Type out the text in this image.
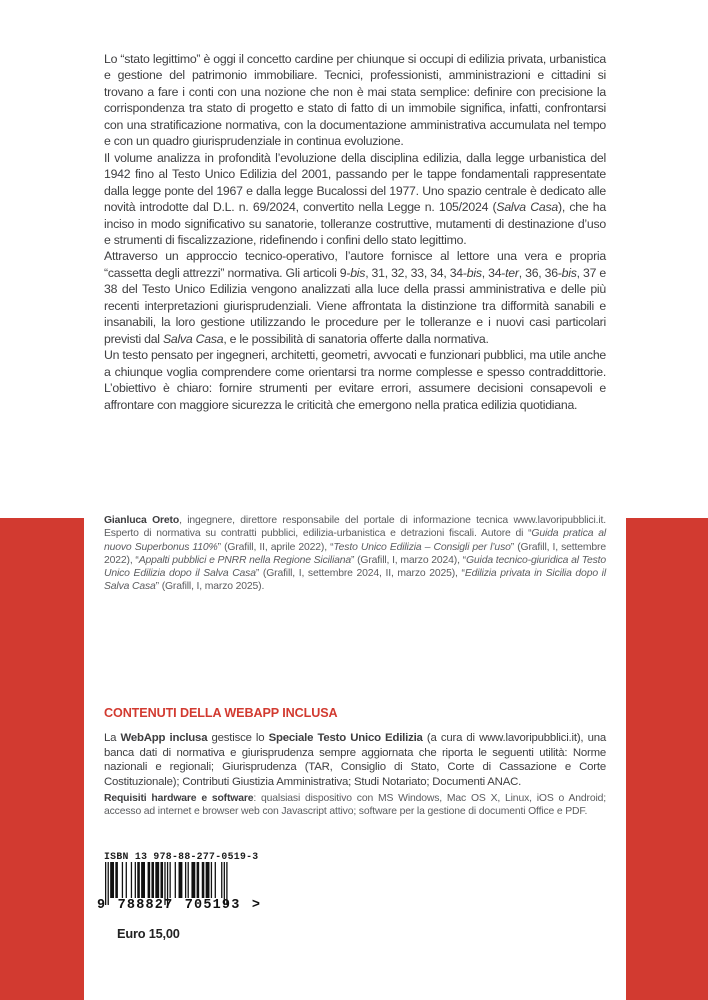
Lo “stato legittimo” è oggi il concetto cardine per chiunque si occupi di edilizia privata, urbanistica e gestione del patrimonio immobiliare. Tecnici, professionisti, amministrazioni e cittadini si trovano a fare i conti con una nozione che non è mai stata semplice: definire con precisione la corrispondenza tra stato di progetto e stato di fatto di un immobile significa, infatti, confrontarsi con una stratificazione normativa, con la documentazione amministrativa accumulata nel tempo e con un quadro giurisprudenziale in continua evoluzione.

Il volume analizza in profondità l’evoluzione della disciplina edilizia, dalla legge urbanistica del 1942 fino al Testo Unico Edilizia del 2001, passando per le tappe fondamentali rappresentate dalla legge ponte del 1967 e dalla legge Bucalossi del 1977. Uno spazio centrale è dedicato alle novità introdotte dal D.L. n. 69/2024, convertito nella Legge n. 105/2024 (Salva Casa), che ha inciso in modo significativo su sanatorie, tolleranze costruttive, mutamenti di destinazione d’uso e strumenti di fiscalizzazione, ridefinendo i confini dello stato legittimo.

Attraverso un approccio tecnico-operativo, l’autore fornisce al lettore una vera e propria “cassetta degli attrezzi” normativa. Gli articoli 9-bis, 31, 32, 33, 34, 34-bis, 34-ter, 36, 36-bis, 37 e 38 del Testo Unico Edilizia vengono analizzati alla luce della prassi amministrativa e delle più recenti interpretazioni giurisprudenziali. Viene affrontata la distinzione tra difformità sanabili e insanabili, la loro gestione utilizzando le procedure per le tolleranze e i nuovi casi particolari previsti dal Salva Casa, e le possibilità di sanatoria offerte dalla normativa.

Un testo pensato per ingegneri, architetti, geometri, avvocati e funzionari pubblici, ma utile anche a chiunque voglia comprendere come orientarsi tra norme complesse e spesso contraddittorie. L’obiettivo è chiaro: fornire strumenti per evitare errori, assumere decisioni consapevoli e affrontare con maggiore sicurezza le criticità che emergono nella pratica edilizia quotidiana.

Gianluca Oreto, ingegnere, direttore responsabile del portale di informazione tecnica www.lavoripubblici.it. Esperto di normativa su contratti pubblici, edilizia-urbanistica e detrazioni fiscali. Autore di “Guida pratica al nuovo Superbonus 110%” (Grafill, II, aprile 2022), “Testo Unico Edilizia – Consigli per l’uso” (Grafill, I, settembre 2022), “Appalti pubblici e PNRR nella Regione Siciliana” (Grafill, I, marzo 2024), “Guida tecnico-giuridica al Testo Unico Edilizia dopo il Salva Casa” (Grafill, I, settembre 2024, II, marzo 2025), “Edilizia privata in Sicilia dopo il Salva Casa” (Grafill, I, marzo 2025).
CONTENUTI DELLA WEBAPP INCLUSA
La WebApp inclusa gestisce lo Speciale Testo Unico Edilizia (a cura di www.lavoripubblici.it), una banca dati di normativa e giurisprudenza sempre aggiornata che riporta le seguenti utilità: Norme nazionali e regionali; Giurisprudenza (TAR, Consiglio di Stato, Corte di Cassazione e Corte Costituzionale); Contributi Giustizia Amministrativa; Studi Notariato; Documenti ANAC.
Requisiti hardware e software: qualsiasi dispositivo con MS Windows, Mac OS X, Linux, iOS o Android; accesso ad internet e browser web con Javascript attivo; software per la gestione di documenti Office e PDF.
ISBN 13 978-88-277-0519-3
9 788827 705193 >
Euro 15,00
